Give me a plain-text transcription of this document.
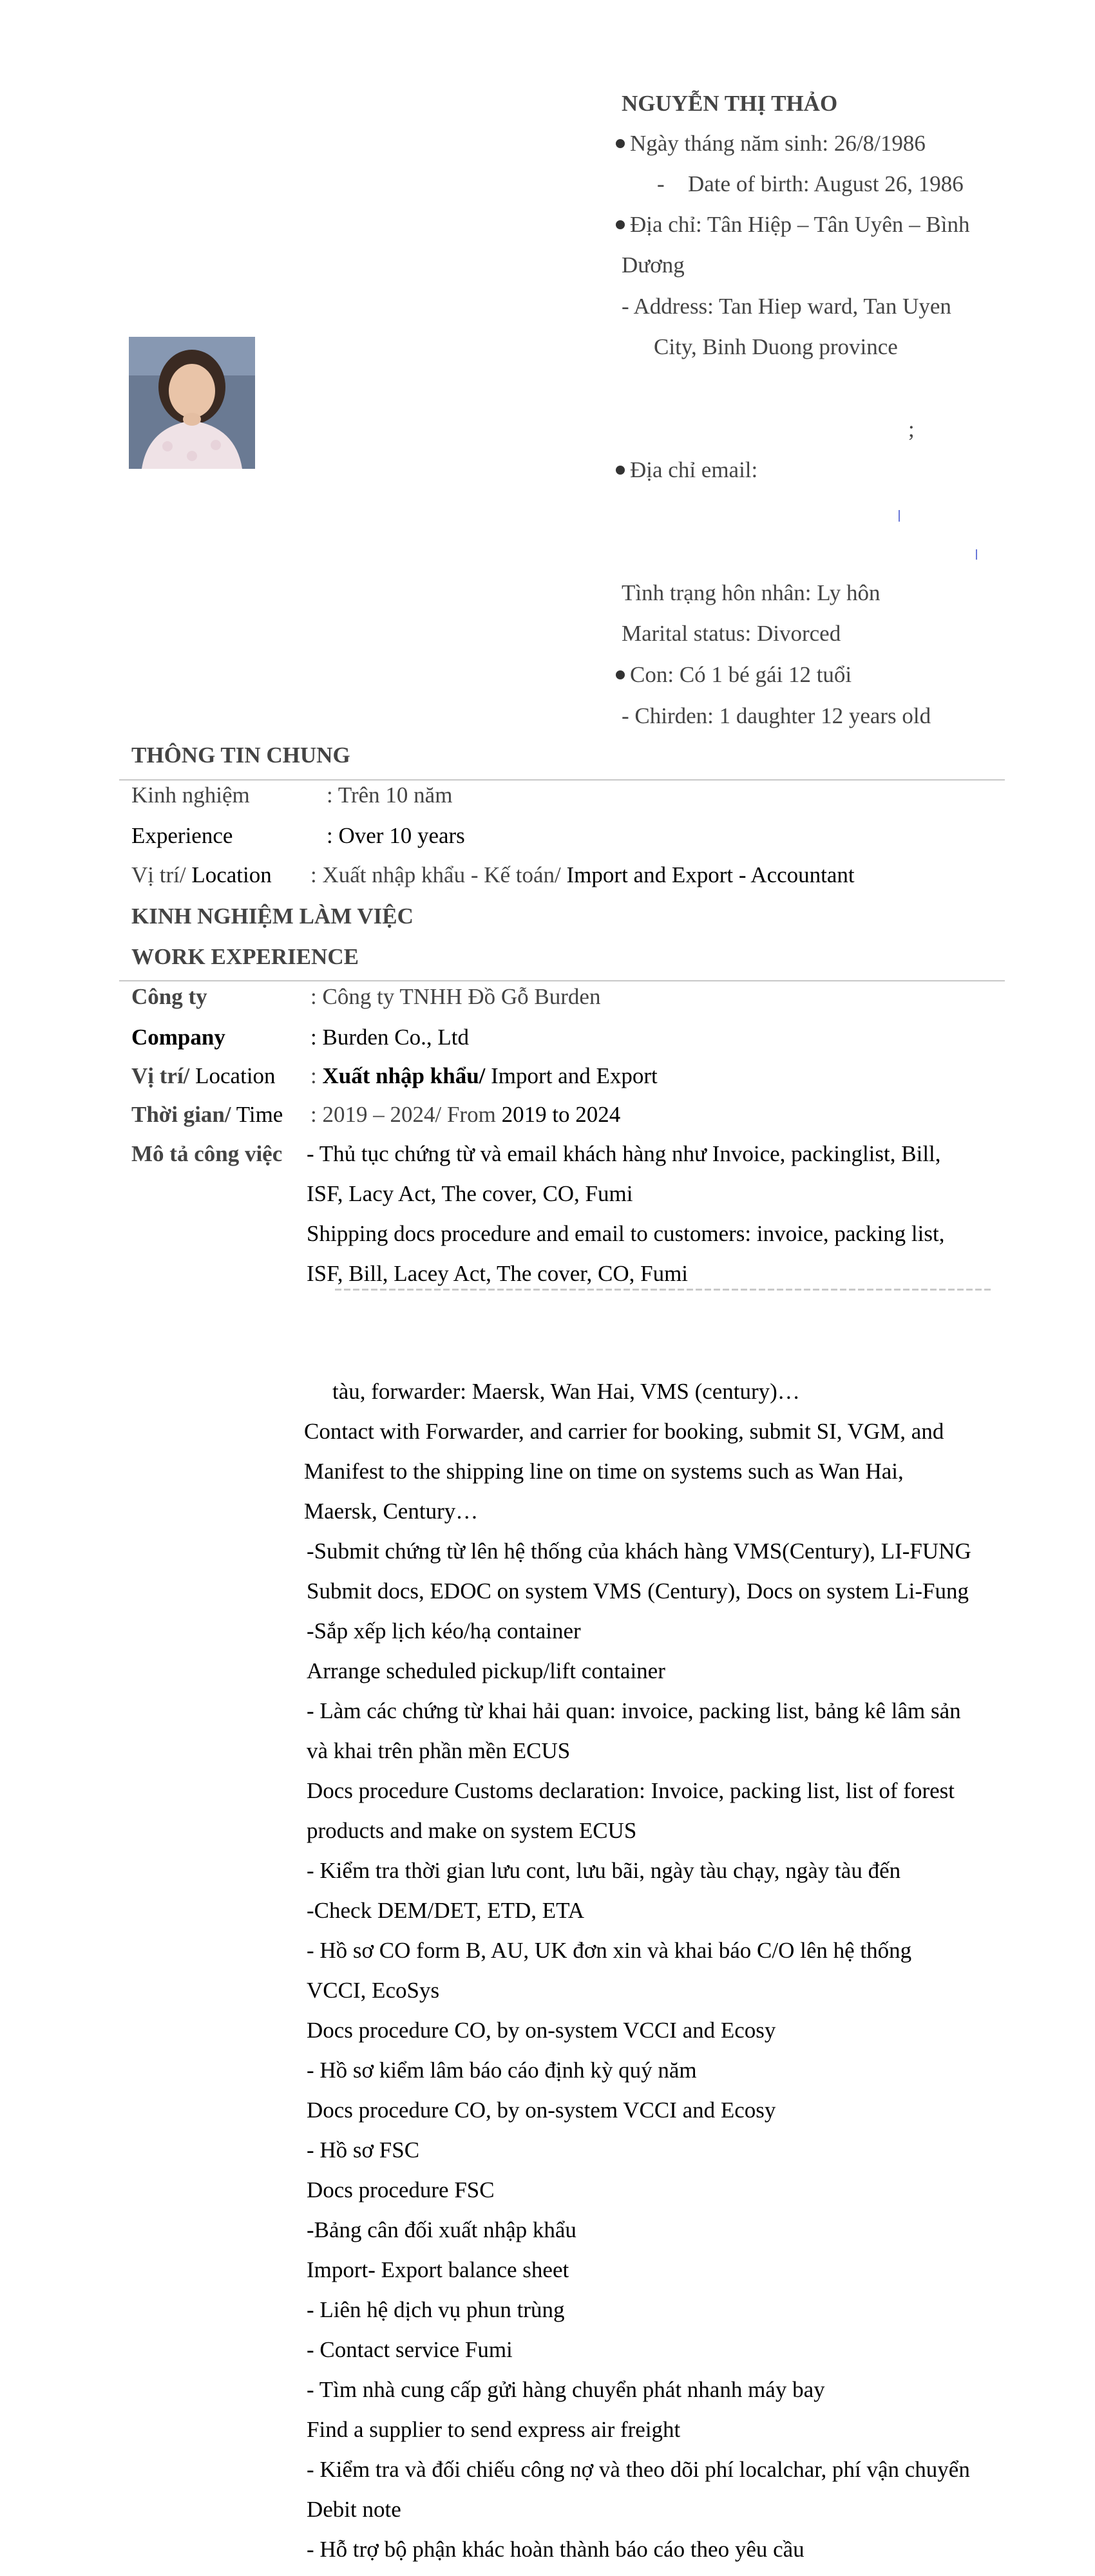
NGUYỄN THỊ THẢO
Ngày tháng năm sinh: 26/8/1986
- Date of birth: August 26, 1986
Địa chỉ: Tân Hiệp – Tân Uyên – Bình
Dương
- Address: Tan Hiep ward, Tan Uyen
City, Binh Duong province
;
Địa chỉ email:
Tình trạng hôn nhân: Ly hôn
Marital status: Divorced
Con: Có 1 bé gái 12 tuổi
- Chirden: 1 daughter 12 years old
THÔNG TIN CHUNG
Kinh nghiệm	: Trên 10 năm
Experience	: Over 10 years
Vị trí/ Location : Xuất nhập khẩu - Kế toán/ Import and Export - Accountant
KINH NGHIỆM LÀM VIỆC
WORK EXPERIENCE
Công ty	: Công ty TNHH Đồ Gỗ Burden
Company	: Burden Co., Ltd
Vị trí/ Location : Xuất nhập khẩu/ Import and Export
Thời gian/ Time : 2019 – 2024/ From 2019 to 2024
Mô tả công việc - Thủ tục chứng từ và email khách hàng như Invoice, packinglist, Bill,
ISF, Lacy Act, The cover, CO, Fumi
Shipping docs procedure and email to customers: invoice, packing list,
ISF, Bill, Lacey Act, The cover, CO, Fumi
tàu, forwarder: Maersk, Wan Hai, VMS (century)…
Contact with Forwarder, and carrier for booking, submit SI, VGM, and
Manifest to the shipping line on time on systems such as Wan Hai,
Maersk, Century…
-Submit chứng từ lên hệ thống của khách hàng VMS(Century), LI-FUNG
Submit docs, EDOC on system VMS (Century), Docs on system Li-Fung
-Sắp xếp lịch kéo/hạ container
Arrange scheduled pickup/lift container
- Làm các chứng từ khai hải quan: invoice, packing list, bảng kê lâm sản
và khai trên phần mền ECUS
Docs procedure Customs declaration: Invoice, packing list, list of forest
products and make on system ECUS
- Kiểm tra thời gian lưu cont, lưu bãi, ngày tàu chạy, ngày tàu đến
-Check DEM/DET, ETD, ETA
- Hồ sơ CO form B, AU, UK đơn xin và khai báo C/O lên hệ thống
VCCI, EcoSys
Docs procedure CO, by on-system VCCI and Ecosy
- Hồ sơ kiểm lâm báo cáo định kỳ quý năm
Docs procedure CO, by on-system VCCI and Ecosy
- Hồ sơ FSC
Docs procedure FSC
-Bảng cân đối xuất nhập khẩu
Import- Export balance sheet
- Liên hệ dịch vụ phun trùng
- Contact service Fumi
- Tìm nhà cung cấp gửi hàng chuyển phát nhanh máy bay
Find a supplier to send express air freight
- Kiểm tra và đối chiếu công nợ và theo dõi phí localchar, phí vận chuyển
Debit note
- Hỗ trợ bộ phận khác hoàn thành báo cáo theo yêu cầu
